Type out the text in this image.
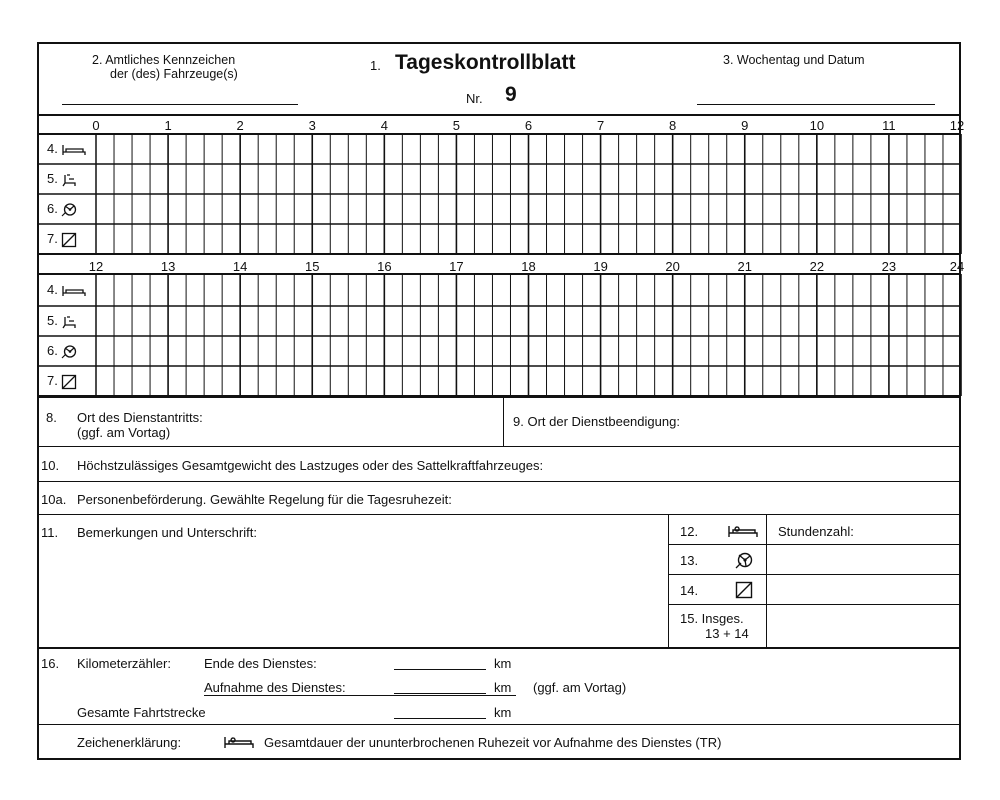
2. Amtliches Kennzeichen
der (des) Fahrzeuge(s)
1. Tageskontrollblatt
Nr. 9
3. Wochentag und Datum
0	1	2	3	4	5	6	7	8	9	10	11	12
12	13	14	15	16	17	18	19	20	21	22	23	24
4.
5.
6.
7.
4.
5.
6.
7.
8. Ort des Dienstantritts:
(ggf. am Vortag)
9. Ort der Dienstbeendigung:
10. Höchstzulässiges Gesamtgewicht des Lastzuges oder des Sattelkraftfahrzeuges:
10a. Personenbeförderung. Gewählte Regelung für die Tagesruhezeit:
11. Bemerkungen und Unterschrift:	12.	Stundenzahl:
13.
14.
15. Insges.
13 + 14
16. Kilometerzähler:	Ende des Dienstes:	km
Aufnahme des Dienstes:	km (ggf. am Vortag)
Gesamte Fahrtstrecke	km
Zeichenerklärung:	Gesamtdauer der ununterbrochenen Ruhezeit vor Aufnahme des Dienstes (TR)
